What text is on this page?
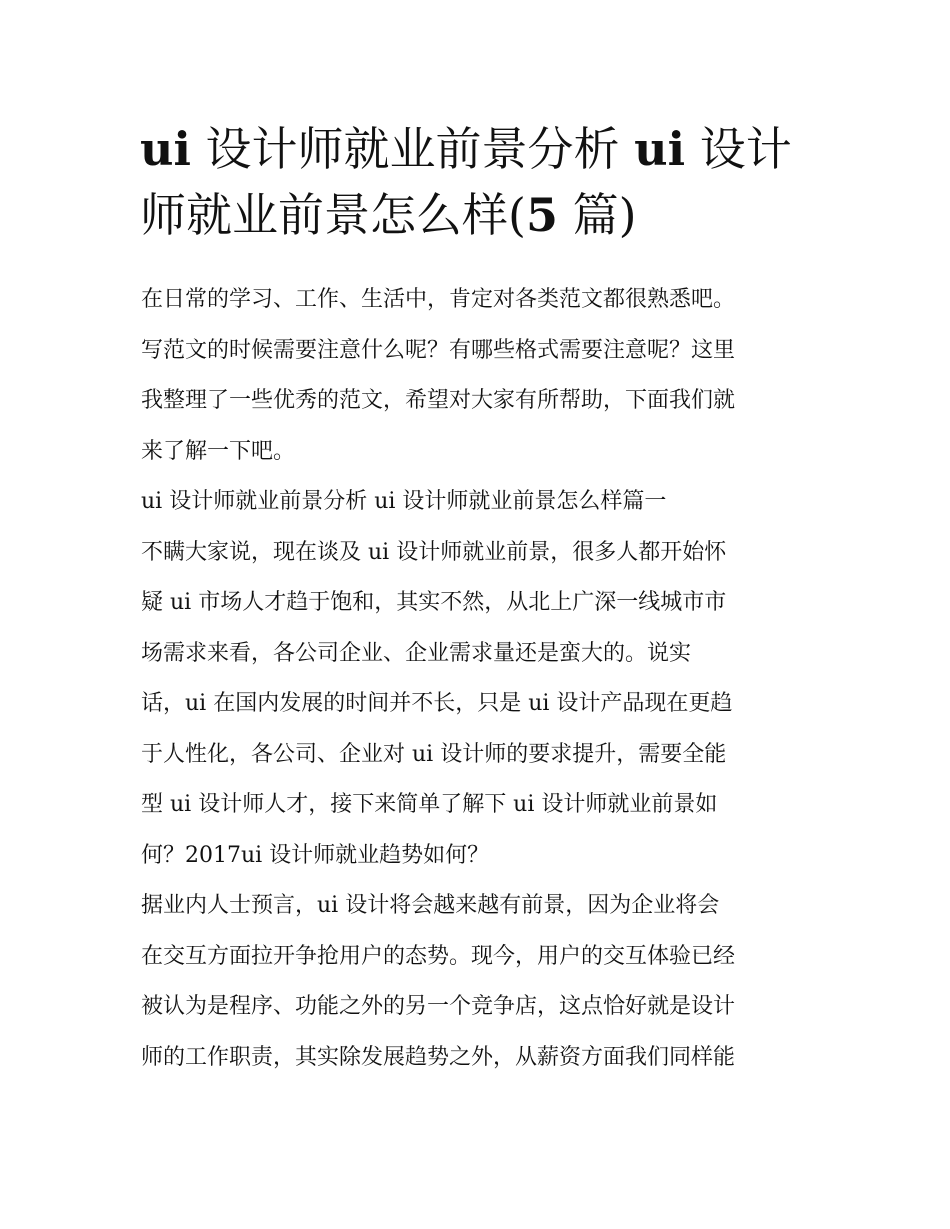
ui 设计师就业前景分析 ui 设计
师就业前景怎么样(5 篇)
在日常的学习、工作、生活中，肯定对各类范文都很熟悉吧。
写范文的时候需要注意什么呢？有哪些格式需要注意呢？这里
我整理了一些优秀的范文，希望对大家有所帮助，下面我们就
来了解一下吧。
ui 设计师就业前景分析 ui 设计师就业前景怎么样篇一
不瞒大家说，现在谈及 ui 设计师就业前景，很多人都开始怀
疑 ui 市场人才趋于饱和，其实不然，从北上广深一线城市市
场需求来看，各公司企业、企业需求量还是蛮大的。说实
话，ui 在国内发展的时间并不长，只是 ui 设计产品现在更趋
于人性化，各公司、企业对 ui 设计师的要求提升，需要全能
型 ui 设计师人才，接下来简单了解下 ui 设计师就业前景如
何？2017ui 设计师就业趋势如何？
据业内人士预言，ui 设计将会越来越有前景，因为企业将会
在交互方面拉开争抢用户的态势。现今，用户的交互体验已经
被认为是程序、功能之外的另一个竞争店，这点恰好就是设计
师的工作职责，其实除发展趋势之外，从薪资方面我们同样能
